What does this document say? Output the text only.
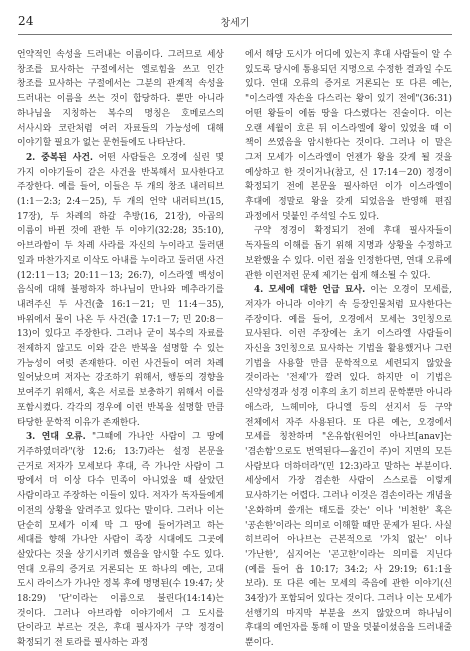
24	창세기

언약적인 속성을 드러내는 이름이다. 그러므로 세상 창조를 묘사하는 구절에서는 엘로힘을 쓰고 인간 창조를 묘사하는 구절에서는 그분의 관계적 속성을 드러내는 이름을 쓰는 것이 합당하다. 뿐만 아니라 하나님을 지칭하는 복수의 명칭은 호메로스의 서사시와 코란처럼 여러 자료들의 가능성에 대해 이야기할 필요가 없는 문헌들에도 나타난다.

2. 중복된 사건. 어떤 사람들은 오경에 실린 몇 가지 이야기들이 같은 사건을 반복해서 묘사한다고 주장한다. 예를 들어, 이들은 두 개의 창조 내러티브(1:1－2:3; 2:4－25), 두 개의 언약 내러티브(15, 17장), 두 차례의 하갈 추방(16, 21장), 아곱의 이름이 바뀐 것에 관한 두 이야기(32:28; 35:10), 아브라함이 두 차례 사라를 자신의 누이라고 둘러댄 일과 마찬가지로 이삭도 아내를 누이라고 둘러댄 사건(12:11－13; 20:11－13; 26:7), 이스라엘 백성이 음식에 대해 불평하자 하나님이 만나와 메추라기를 내려주신 두 사건(출 16:1－21; 민 11:4－35), 바위에서 물이 나온 두 사건(출 17:1－7; 민 20:8－13)이 있다고 주장한다. 그러나 굳이 복수의 자료를 전제하지 않고도 이와 같은 반복을 설명할 수 있는 가능성이 여럿 존재한다. 이런 사건들이 여러 차례 일어났으며 저자는 강조하기 위해서, 행동의 경향을 보여주기 위해서, 혹은 서로를 보충하기 위해서 이를 포함시켰다. 각각의 경우에 이런 반복을 설명할 만큼 타당한 문학적 이유가 존재한다.

3. 연대 오류. "그때에 가나안 사람이 그 땅에 거주하였더라"(창 12:6; 13:7)라는 설정 본문을 근거로 저자가 모세보다 후대, 즉 가나안 사람이 그 땅에서 더 이상 다수 민족이 아니었을 때 살았던 사람이라고 주장하는 이들이 있다. 저자가 독자들에게 이전의 상황을 알려주고 있다는 말이다. 그러나 이는 단순히 모세가 이제 막 그 땅에 들어가려고 하는 세대를 향해 가나안 사람이 족장 시대에도 그곳에 살았다는 것을 상기시키려 했음을 암시할 수도 있다. 연대 오류의 증거로 거론되는 또 하나의 예는, 고대 도시 라이스가 가나안 정복 후에 명명된(수 19:47; 삿 18:29) '단'이라는 이름으로 불린다(14:14)는 것이다. 그러나 아브라함 이야기에서 그 도시를 단이라고 부르는 것은, 후대 필사자가 구약 정경이 확정되기 전 토라를 필사하는 과정

에서 해당 도시가 어디에 있는지 후대 사람들이 알 수 있도록 당시에 통용되던 지명으로 수정한 결과일 수도 있다. 연대 오류의 증거로 거론되는 또 다른 예는, "이스라엘 자손을 다스리는 왕이 있기 전에"(36:31) 어떤 왕들이 에돔 땅을 다스렸다는 진술이다. 이는 오랜 세월이 흐른 뒤 이스라엘에 왕이 있었을 때 이 책이 쓰였음을 암시한다는 것이다. 그러나 이 말은 그저 모세가 이스라엘이 언젠가 왕을 갖게 될 것을 예상하고 한 것이거나(참고, 신 17:14－20) 정경이 확정되기 전에 본문을 필사하던 이가 이스라엘이 후대에 정말로 왕을 갖게 되었음을 반영해 편집 과정에서 덧붙인 주석일 수도 있다.

구약 정경이 확정되기 전에 후대 필사자들이 독자들의 이해를 돕기 위해 지명과 상황을 수정하고 보완했을 수 있다. 이런 점을 인정한다면, 연대 오류에 관한 이런저런 문제 제기는 쉽게 해소될 수 있다.

4. 모세에 대한 언급 묘사. 이는 오경이 모세를, 저자가 아니라 이야기 속 등장인물처럼 묘사한다는 주장이다. 예를 들어, 오경에서 모세는 3인칭으로 묘사된다. 이런 주장에는 초기 이스라엘 사람들이 자신을 3인칭으로 묘사하는 기법을 활용했거나 그런 기법을 사용할 만큼 문학적으로 세련되지 않았을 것이라는 '전제'가 깔려 있다. 하지만 이 기법은 신약성경과 성경 이후의 초기 히브리 문학뿐만 아니라 애스라, 느헤미야, 다니엘 등의 선지서 등 구약 전체에서 자주 사용된다. 또 다른 예는, 오경에서 모세를 칭찬하며 "온유함(원어인 아나브[anav]는 '겸손함'으로도 번역된다—옮긴이 주)이 지면의 모든 사람보다 더하더라"(민 12:3)라고 말하는 부분이다. 세상에서 가장 겸손한 사람이 스스로를 이렇게 묘사하기는 어렵다. 그러나 이것은 겸손이라는 개념을 '온화하며 쓸개는 태도를 갖는' 이나 '비천한' 혹은 '공손한'이라는 의미로 이해할 때만 문제가 된다. 사실 히브리어 아나브는 근본적으로 '가치 없는' 이나 '가난한', 심지어는 '곤고한'이라는 의미를 지닌다(예를 들어 욥 10:17; 34:2; 사 29:19; 61:1을 보라). 또 다른 예는 모세의 죽음에 관한 이야기(신 34장)가 포함되어 있다는 것이다. 그러나 이는 모세가 선행기의 마지막 부분을 쓰지 않았으며 하나님이 후대의 예언자를 통해 이 말을 덧붙이셨음을 드러내줄 뿐이다.
